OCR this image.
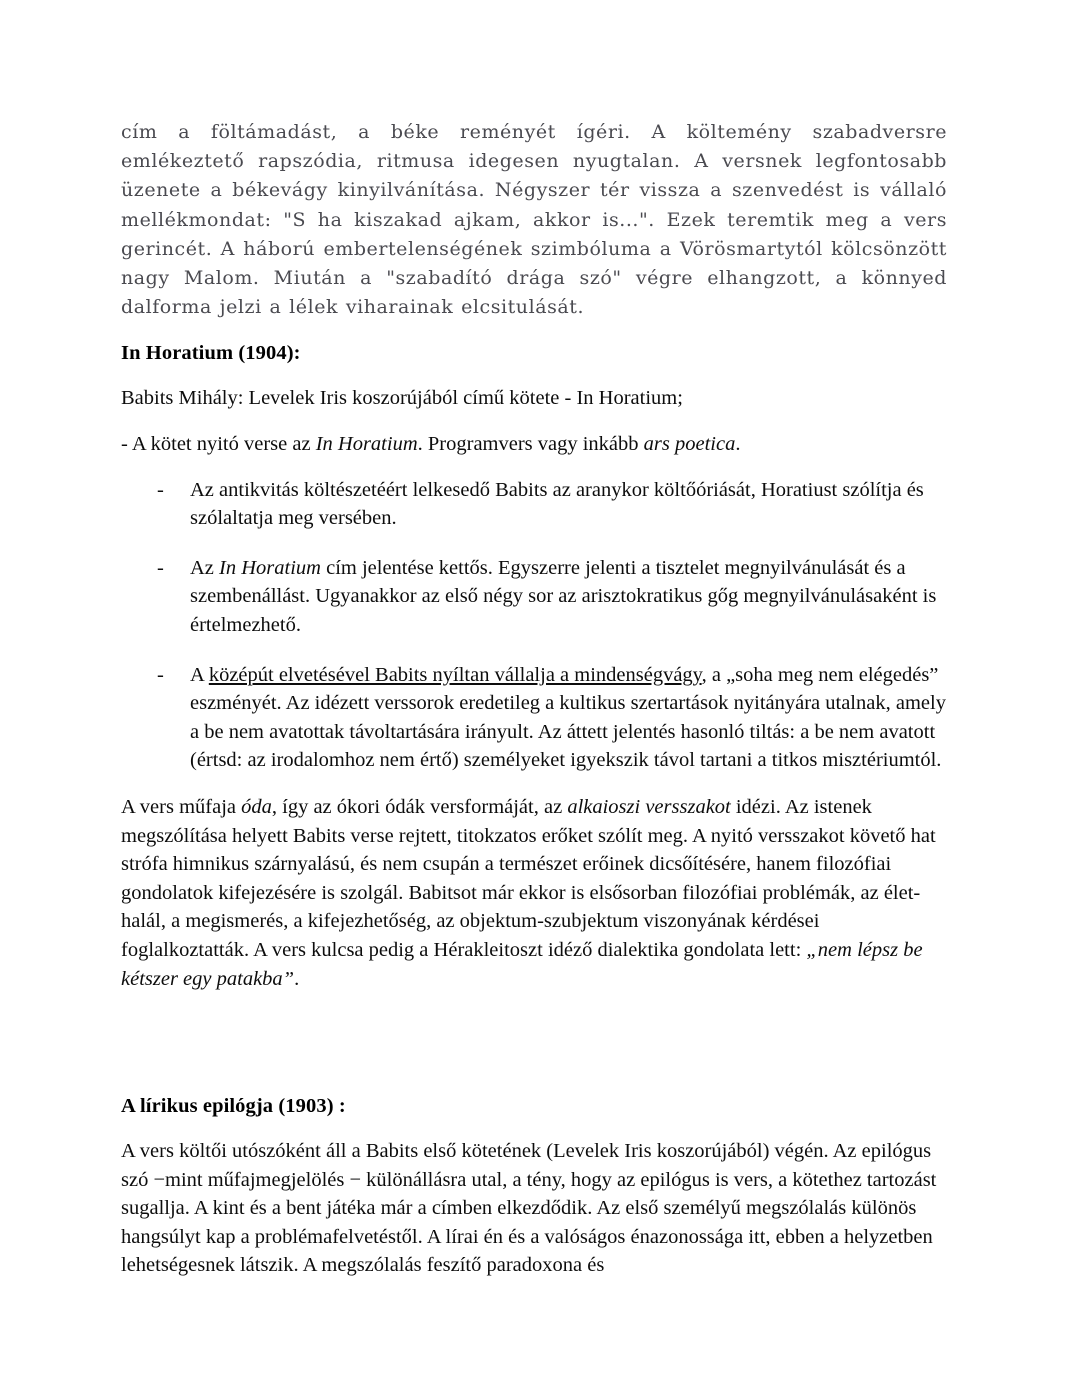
cím a föltámadást, a béke reményét ígéri. A költemény szabadversre emlékeztető rapszódia, ritmusa idegesen nyugtalan. A versnek legfontosabb üzenete a békevágy kinyilvánítása. Négyszer tér vissza a szenvedést is vállaló mellékmondat: "S ha kiszakad ajkam, akkor is...". Ezek teremtik meg a vers gerincét. A háború embertelenségének szimbóluma a Vörösmartytól kölcsönzött nagy Malom. Miután a "szabadító drága szó" végre elhangzott, a könnyed dalforma jelzi a lélek viharainak elcsitulását.

In Horatium (1904):

Babits Mihály: Levelek Iris koszorújából című kötete - In Horatium;

- A kötet nyitó verse az In Horatium. Programvers vagy inkább ars poetica.

- Az antikvitás költészetéért lelkesedő Babits az aranykor költőóriását, Horatiust szólítja és szólaltatja meg versében.
- Az In Horatium cím jelentése kettős. Egyszerre jelenti a tisztelet megnyilvánulását és a szembenállást. Ugyanakkor az első négy sor az arisztokratikus gőg megnyilvánulásaként is értelmezhető.
- A középút elvetésével Babits nyíltan vállalja a mindenségvágy, a „soha meg nem elégedés” eszményét. Az idézett verssorok eredetileg a kultikus szertartások nyitányára utalnak, amely a be nem avatottak távoltartására irányult. Az áttett jelentés hasonló tiltás: a be nem avatott (értsd: az irodalomhoz nem értő) személyeket igyekszik távol tartani a titkos misztériumtól.

A vers műfaja óda, így az ókori ódák versformáját, az alkaioszi versszakot idézi. Az istenek megszólítása helyett Babits verse rejtett, titokzatos erőket szólít meg. A nyitó versszakot követő hat strófa himnikus szárnyalású, és nem csupán a természet erőinek dicsőítésére, hanem filozófiai gondolatok kifejezésére is szolgál. Babitsot már ekkor is elsősorban filozófiai problémák, az élet-halál, a megismerés, a kifejezhetőség, az objektum-szubjektum viszonyának kérdései foglalkoztatták. A vers kulcsa pedig a Hérakleitoszt idéző dialektika gondolata lett: „nem lépsz be kétszer egy patakba”.

A lírikus epilógja (1903) :

A vers költői utószóként áll a Babits első kötetének (Levelek Iris koszorújából) végén. Az epilógus szó −mint műfajmegjelölés − különállásra utal, a tény, hogy az epilógus is vers, a kötethez tartozást sugallja. A kint és a bent játéka már a címben elkezdődik. Az első személyű megszólalás különös hangsúlyt kap a problémafelvetéstől. A lírai én és a valóságos énazonossága itt, ebben a helyzetben lehetségesnek látszik. A megszólalás feszítő paradoxona és
